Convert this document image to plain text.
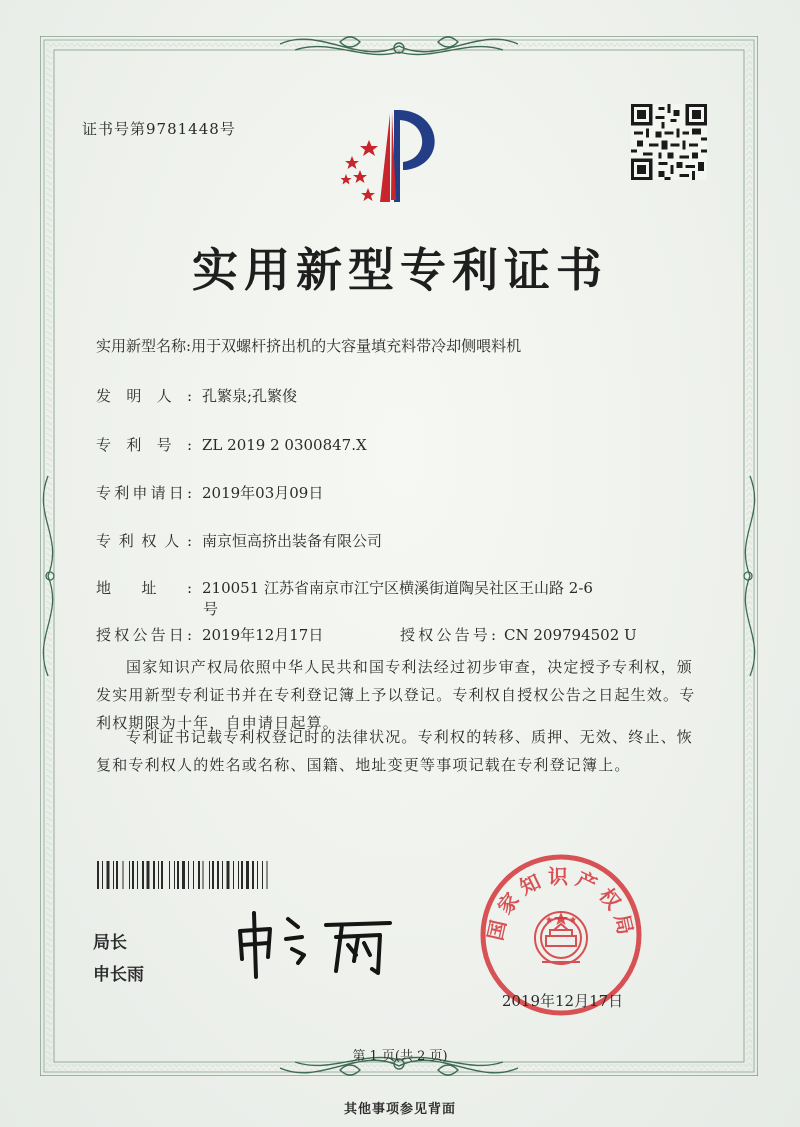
证书号第9781448号
实用新型专利证书
实用新型名称:用于双螺杆挤出机的大容量填充料带冷却侧喂料机
发明人: 孔繁泉;孔繁俊
专利号: ZL 2019 2 0300847.X
专利申请日: 2019年03月09日
专利权人: 南京恒高挤出装备有限公司
地址: 210051 江苏省南京市江宁区横溪街道陶吴社区王山路 2-6
号
授权公告日: 2019年12月17日	授权公告号: CN 209794502 U
国家知识产权局依照中华人民共和国专利法经过初步审查，决定授予专利权，颁发实用新型专利证书并在专利登记簿上予以登记。专利权自授权公告之日起生效。专利权期限为十年，自申请日起算。
专利证书记载专利权登记时的法律状况。专利权的转移、质押、无效、终止、恢复和专利权人的姓名或名称、国籍、地址变更等事项记载在专利登记簿上。
局长
申长雨
国家知识产权局
2019年12月17日
第 1 页(共 2 页)
其他事项参见背面
